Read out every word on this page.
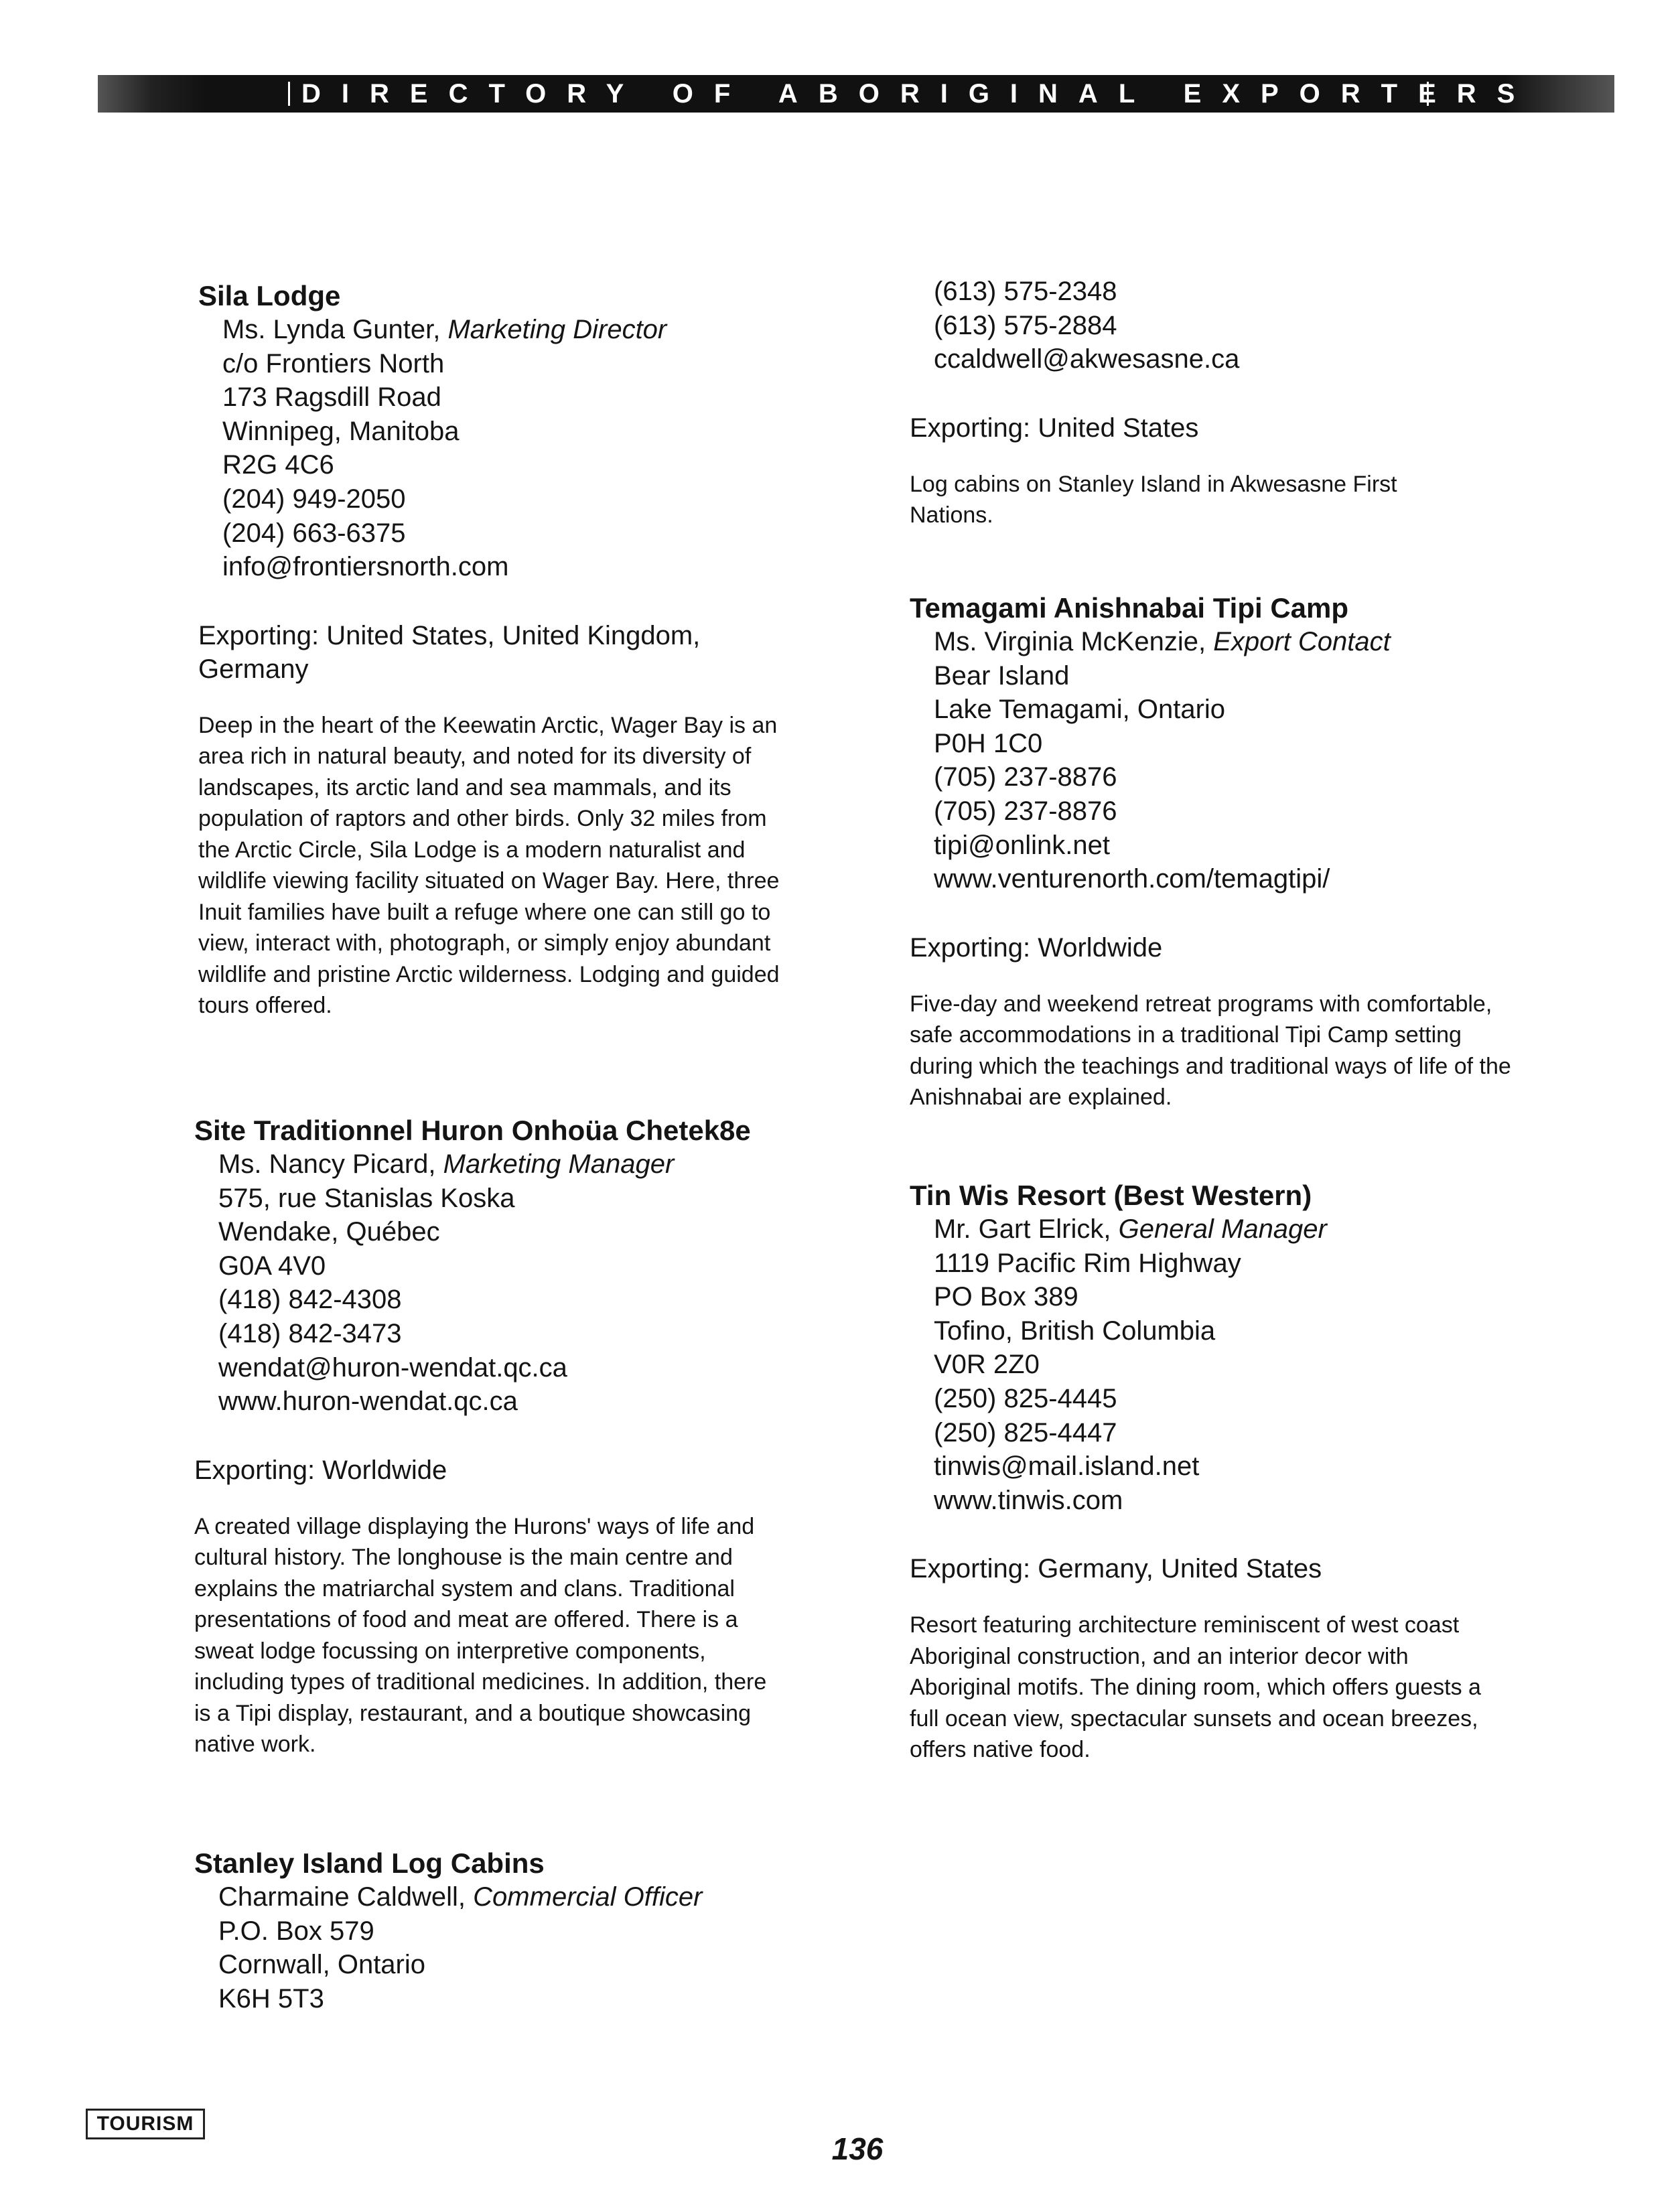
DIRECTORY OF ABORIGINAL EXPORTERS
Sila Lodge
Ms. Lynda Gunter, Marketing Director
c/o Frontiers North
173 Ragsdill Road
Winnipeg, Manitoba
R2G 4C6
(204) 949-2050
(204) 663-6375
info@frontiersnorth.com
Exporting: United States, United Kingdom, Germany
Deep in the heart of the Keewatin Arctic, Wager Bay is an area rich in natural beauty, and noted for its diversity of landscapes, its arctic land and sea mammals, and its population of raptors and other birds. Only 32 miles from the Arctic Circle, Sila Lodge is a modern naturalist and wildlife viewing facility situated on Wager Bay. Here, three Inuit families have built a refuge where one can still go to view, interact with, photograph, or simply enjoy abundant wildlife and pristine Arctic wilderness. Lodging and guided tours offered.
Site Traditionnel Huron Onhoüa Chetek8e
Ms. Nancy Picard, Marketing Manager
575, rue Stanislas Koska
Wendake, Québec
G0A 4V0
(418) 842-4308
(418) 842-3473
wendat@huron-wendat.qc.ca
www.huron-wendat.qc.ca
Exporting: Worldwide
A created village displaying the Hurons' ways of life and cultural history. The longhouse is the main centre and explains the matriarchal system and clans. Traditional presentations of food and meat are offered. There is a sweat lodge focussing on interpretive components, including types of traditional medicines. In addition, there is a Tipi display, restaurant, and a boutique showcasing native work.
Stanley Island Log Cabins
Charmaine Caldwell, Commercial Officer
P.O. Box 579
Cornwall, Ontario
K6H 5T3
(613) 575-2348
(613) 575-2884
ccaldwell@akwesasne.ca
Exporting: United States
Log cabins on Stanley Island in Akwesasne First Nations.
Temagami Anishnabai Tipi Camp
Ms. Virginia McKenzie, Export Contact
Bear Island
Lake Temagami, Ontario
P0H 1C0
(705) 237-8876
(705) 237-8876
tipi@onlink.net
www.venturenorth.com/temagtipi/
Exporting: Worldwide
Five-day and weekend retreat programs with comfortable, safe accommodations in a traditional Tipi Camp setting during which the teachings and traditional ways of life of the Anishnabai are explained.
Tin Wis Resort (Best Western)
Mr. Gart Elrick, General Manager
1119 Pacific Rim Highway
PO Box 389
Tofino, British Columbia
V0R 2Z0
(250) 825-4445
(250) 825-4447
tinwis@mail.island.net
www.tinwis.com
Exporting: Germany, United States
Resort featuring architecture reminiscent of west coast Aboriginal construction, and an interior decor with Aboriginal motifs. The dining room, which offers guests a full ocean view, spectacular sunsets and ocean breezes, offers native food.
TOURISM
136
